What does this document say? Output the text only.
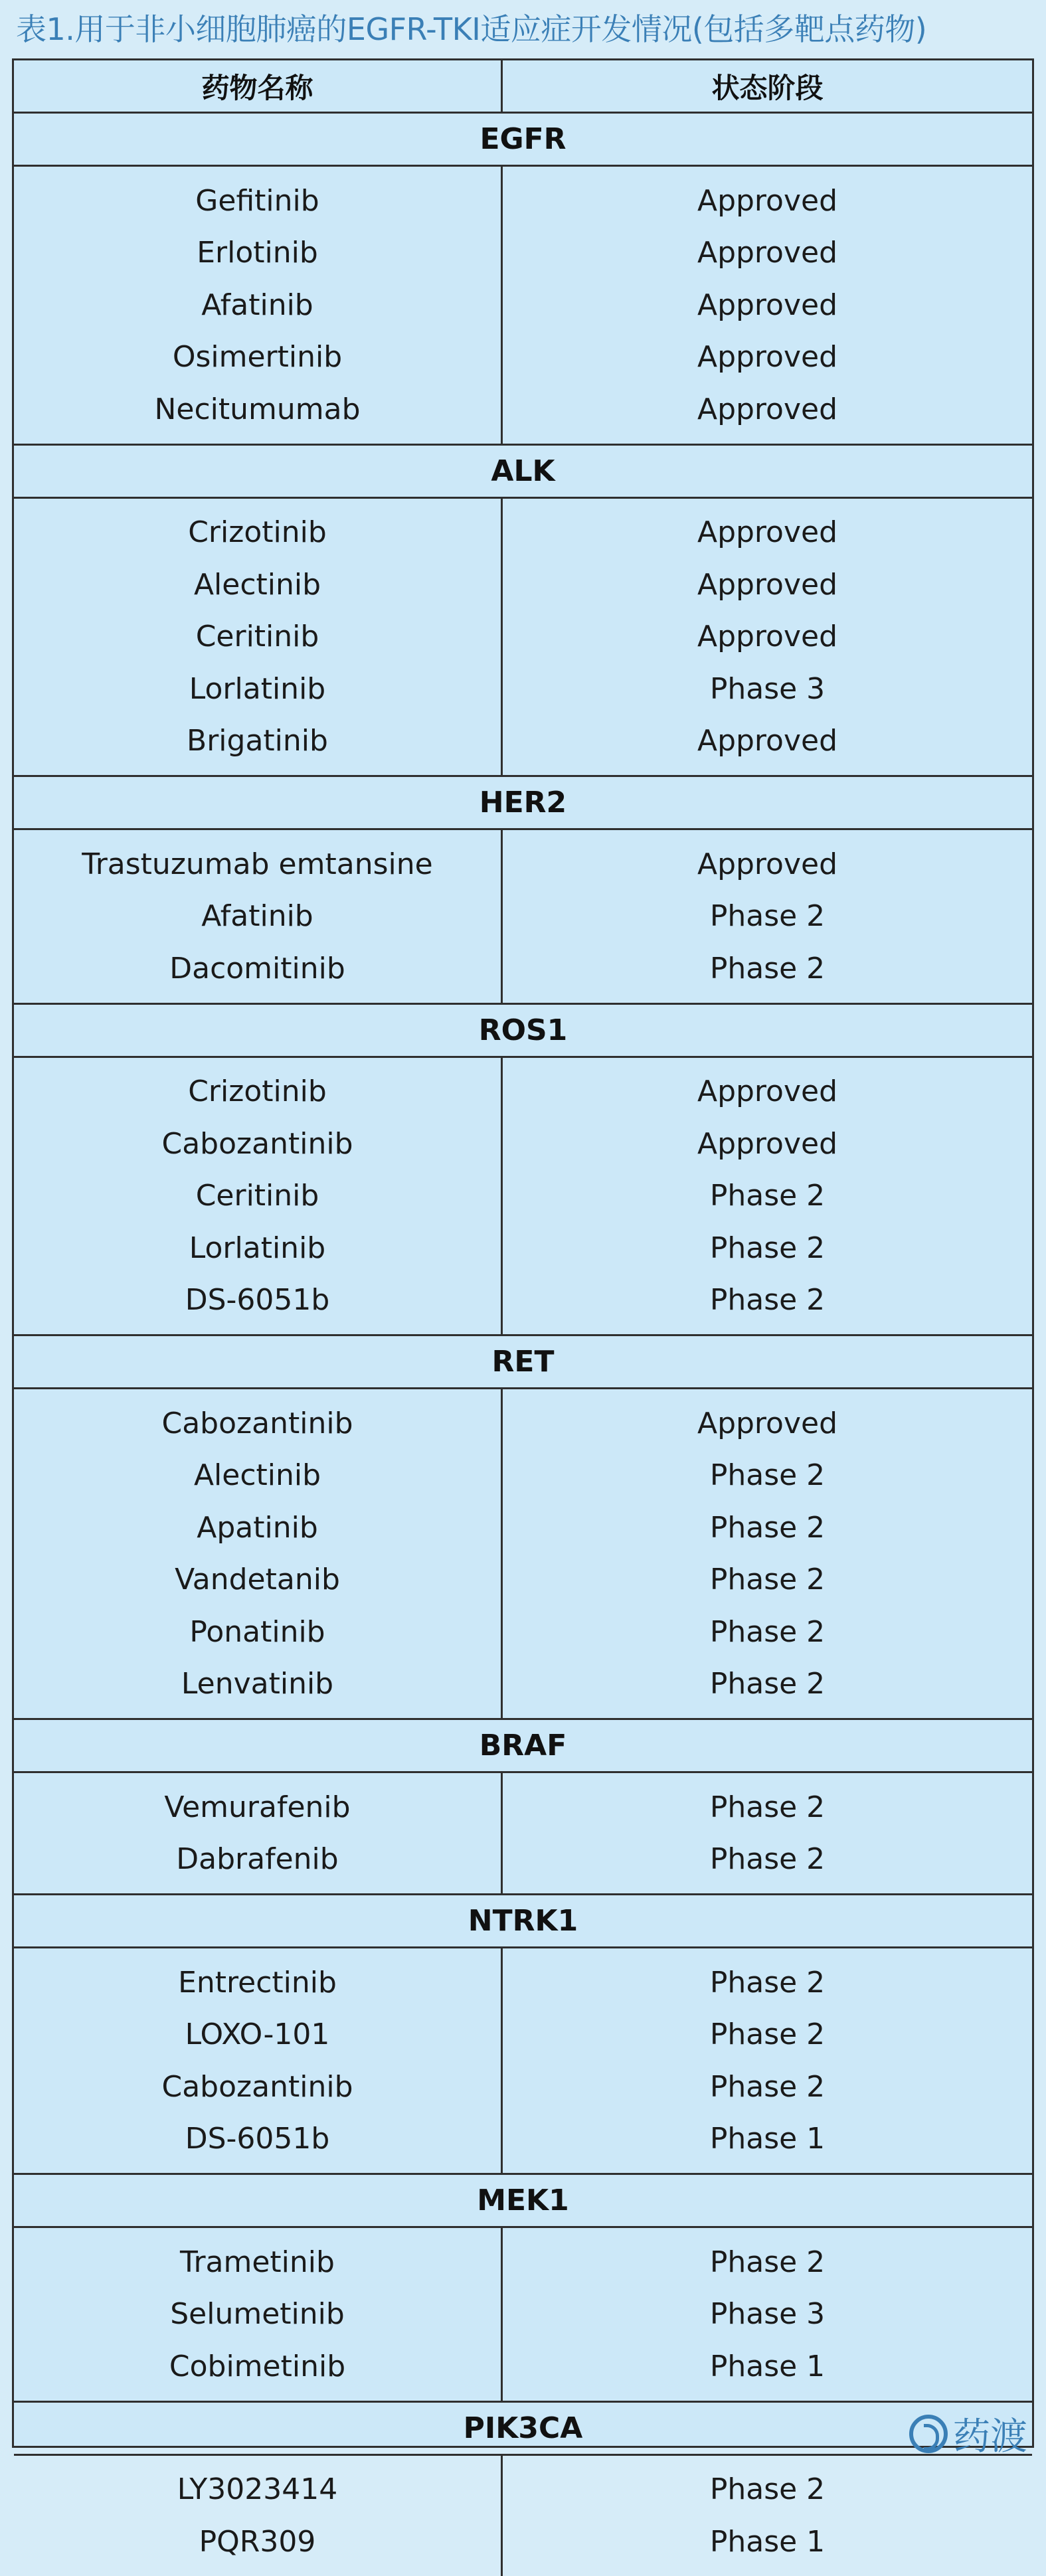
表1.用于非小细胞肺癌的EGFR-TKI适应症开发情况(包括多靶点药物)
药物名称	状态阶段
EGFR
Gefitinib
Erlotinib
Afatinib
Osimertinib
Necitumumab
Approved
Approved
Approved
Approved
Approved
ALK
Crizotinib
Alectinib
Ceritinib
Lorlatinib
Brigatinib
Approved
Approved
Approved
Phase 3
Approved
HER2
Trastuzumab emtansine
Afatinib
Dacomitinib
Approved
Phase 2
Phase 2
ROS1
Crizotinib
Cabozantinib
Ceritinib
Lorlatinib
DS-6051b
Approved
Approved
Phase 2
Phase 2
Phase 2
RET
Cabozantinib
Alectinib
Apatinib
Vandetanib
Ponatinib
Lenvatinib
Approved
Phase 2
Phase 2
Phase 2
Phase 2
Phase 2
BRAF
Vemurafenib
Dabrafenib
Phase 2
Phase 2
NTRK1
Entrectinib
LOXO-101
Cabozantinib
DS-6051b
Phase 2
Phase 2
Phase 2
Phase 1
MEK1
Trametinib
Selumetinib
Cobimetinib
Phase 2
Phase 3
Phase 1
PIK3CA
LY3023414
PQR309
Phase 2
Phase 1
药渡
